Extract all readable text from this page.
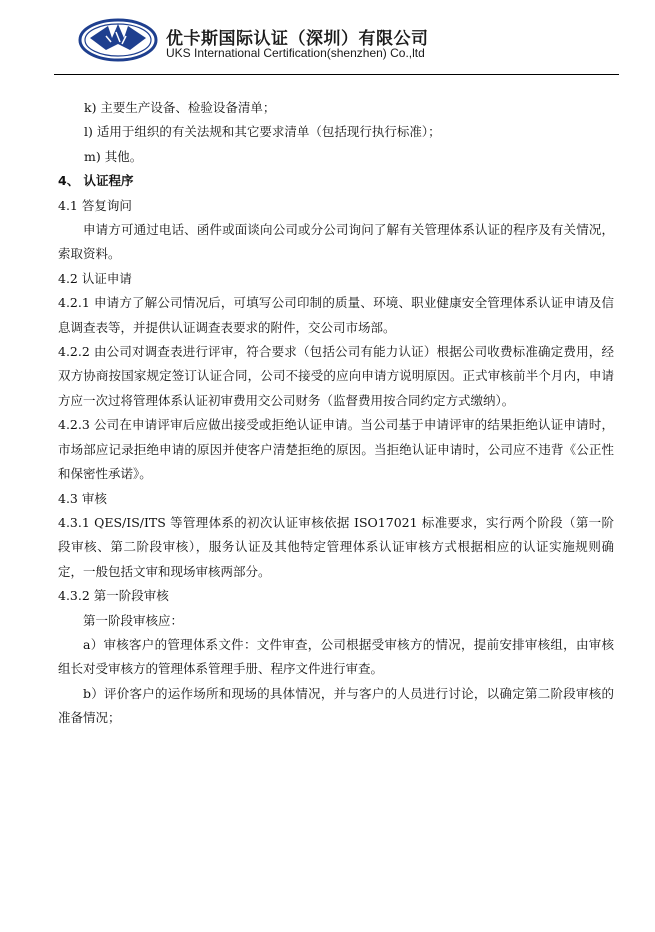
优卡斯国际认证（深圳）有限公司
UKS International Certification(shenzhen) Co.,ltd

k) 主要生产设备、检验设备清单；

l) 适用于组织的有关法规和其它要求清单（包括现行执行标准）；

m) 其他。

4、 认证程序

4.1 答复询问

申请方可通过电话、函件或面谈向公司或分公司询问了解有关管理体系认证的程序及有关情况，索取资料。

4.2 认证申请

4.2.1 申请方了解公司情况后，可填写公司印制的质量、环境、职业健康安全管理体系认证申请及信息调查表等，并提供认证调查表要求的附件，交公司市场部。

4.2.2 由公司对调查表进行评审，符合要求（包括公司有能力认证）根据公司收费标准确定费用，经双方协商按国家规定签订认证合同，公司不接受的应向申请方说明原因。正式审核前半个月内，申请方应一次过将管理体系认证初审费用交公司财务（监督费用按合同约定方式缴纳）。

4.2.3 公司在申请评审后应做出接受或拒绝认证申请。当公司基于申请评审的结果拒绝认证申请时，市场部应记录拒绝申请的原因并使客户清楚拒绝的原因。当拒绝认证申请时，公司应不违背《公正性和保密性承诺》。

4.3 审核

4.3.1 QES/IS/ITS 等管理体系的初次认证审核依据 ISO17021 标准要求，实行两个阶段（第一阶段审核、第二阶段审核），服务认证及其他特定管理体系认证审核方式根据相应的认证实施规则确定，一般包括文审和现场审核两部分。

4.3.2 第一阶段审核

第一阶段审核应：

a）审核客户的管理体系文件：文件审查，公司根据受审核方的情况，提前安排审核组，由审核组长对受审核方的管理体系管理手册、程序文件进行审查。

b）评价客户的运作场所和现场的具体情况，并与客户的人员进行讨论，以确定第二阶段审核的准备情况；
